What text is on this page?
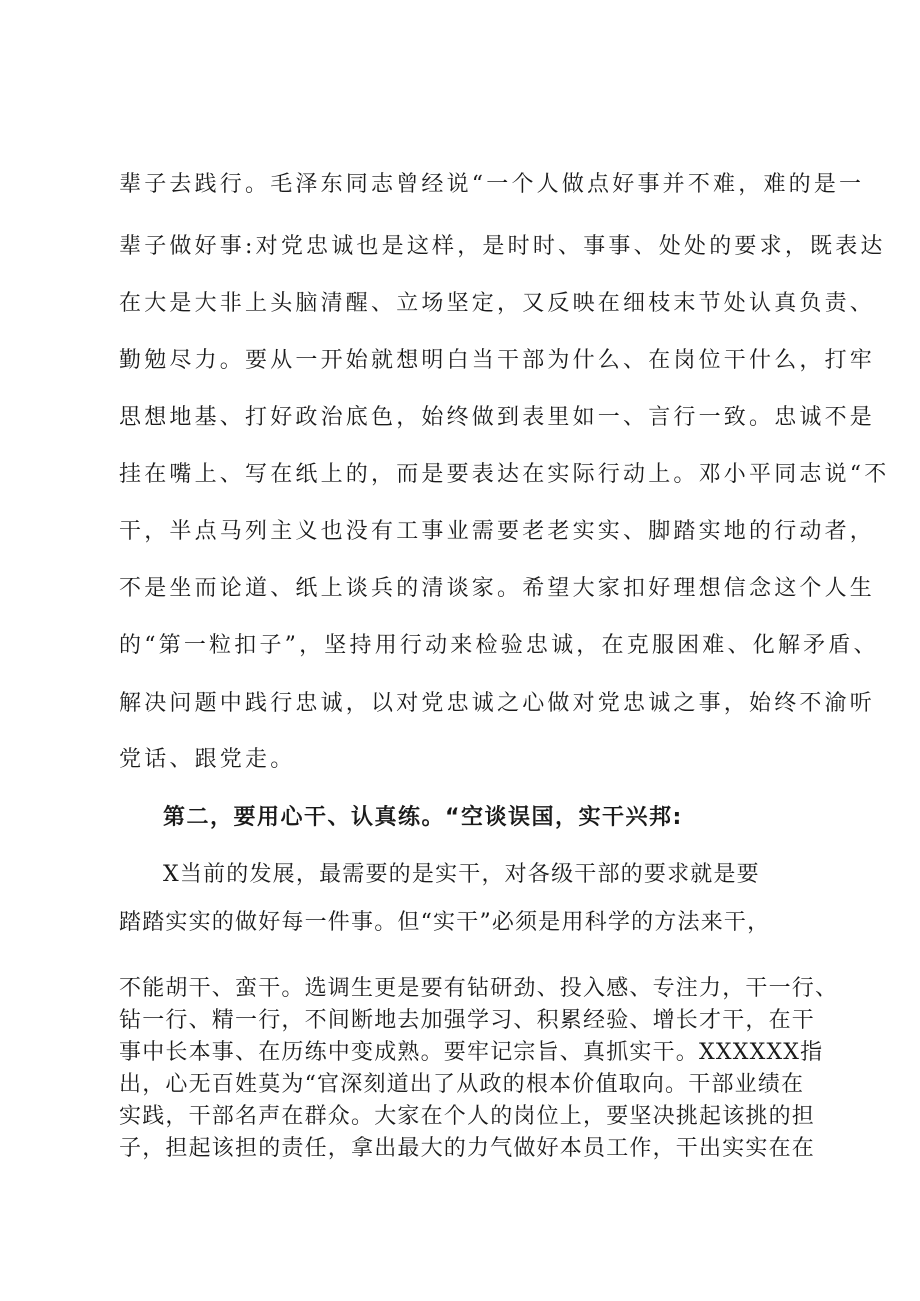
辈子去践行。毛泽东同志曾经说“一个人做点好事并不难，难的是一
辈子做好事:对党忠诚也是这样，是时时、事事、处处的要求，既表达
在大是大非上头脑清醒、立场坚定，又反映在细枝末节处认真负责、
勤勉尽力。要从一开始就想明白当干部为什么、在岗位干什么，打牢
思想地基、打好政治底色，始终做到表里如一、言行一致。忠诚不是
挂在嘴上、写在纸上的，而是要表达在实际行动上。邓小平同志说“不
干，半点马列主义也没有工事业需要老老实实、脚踏实地的行动者，
不是坐而论道、纸上谈兵的清谈家。希望大家扣好理想信念这个人生
的“第一粒扣子”，坚持用行动来检验忠诚，在克服困难、化解矛盾、
解决问题中践行忠诚，以对党忠诚之心做对党忠诚之事，始终不渝听
党话、跟党走。
第二，要用心干、认真练。“空谈误国，实干兴邦:
X当前的发展，最需要的是实干，对各级干部的要求就是要
踏踏实实的做好每一件事。但“实干”必须是用科学的方法来干，
不能胡干、蛮干。选调生更是要有钻研劲、投入感、专注力，干一行、
钻一行、精一行，不间断地去加强学习、积累经验、增长才干，在干
事中长本事、在历练中变成熟。要牢记宗旨、真抓实干。XXXXXX指
出，心无百姓莫为“官深刻道出了从政的根本价值取向。干部业绩在
实践，干部名声在群众。大家在个人的岗位上，要坚决挑起该挑的担
子，担起该担的责任，拿出最大的力气做好本员工作，干出实实在在
